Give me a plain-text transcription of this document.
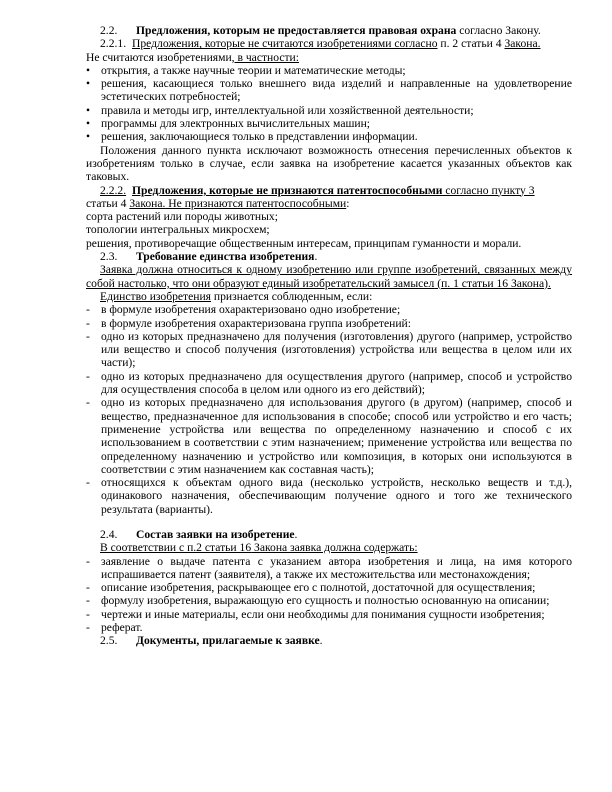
2.2. Предложения, которым не предоставляется правовая охрана согласно Закону.
2.2.1. Предложения, которые не считаются изобретениями согласно п. 2 статьи 4 Закона.
Не считаются изобретениями, в частности:
• открытия, а также научные теории и математические методы;
• решения, касающиеся только внешнего вида изделий и направленные на удовлетворение эстетических потребностей;
• правила и методы игр, интеллектуальной или хозяйственной деятельности;
• программы для электронных вычислительных машин;
• решения, заключающиеся только в представлении информации.
Положения данного пункта исключают возможность отнесения перечисленных объектов к изобретениям только в случае, если заявка на изобретение касается указанных объектов как таковых.
2.2.2. Предложения, которые не признаются патентоспособными согласно пункту 3
статьи 4 Закона. Не признаются патентоспособными:
сорта растений или породы животных;
топологии интегральных микросхем;
решения, противоречащие общественным интересам, принципам гуманности и морали.
2.3. Требование единства изобретения.
Заявка должна относиться к одному изобретению или группе изобретений, связанных между собой настолько, что они образуют единый изобретательский замысел (п. 1 статьи 16 Закона).
Единство изобретения признается соблюденным, если:
- в формуле изобретения охарактеризовано одно изобретение;
- в формуле изобретения охарактеризована группа изобретений:
- одно из которых предназначено для получения (изготовления) другого (например, устройство или вещество и способ получения (изготовления) устройства или вещества в целом или их части);
- одно из которых предназначено для осуществления другого (например, способ и устройство для осуществления способа в целом или одного из его действий);
- одно из которых предназначено для использования другого (в другом) (например, способ и вещество, предназначенное для использования в способе; способ или устройство и его часть; применение устройства или вещества по определенному назначению и способ с их использованием в соответствии с этим назначением; применение устройства или вещества по определенному назначению и устройство или композиция, в которых они используются в соответствии с этим назначением как составная часть);
- относящихся к объектам одного вида (несколько устройств, несколько веществ и т.д.), одинакового назначения, обеспечивающим получение одного и того же технического результата (варианты).
2.4. Состав заявки на изобретение.
В соответствии с п.2 статьи 16 Закона заявка должна содержать:
- заявление о выдаче патента с указанием автора изобретения и лица, на имя которого испрашивается патент (заявителя), а также их местожительства или местонахождения;
- описание изобретения, раскрывающее его с полнотой, достаточной для осуществления;
- формулу изобретения, выражающую его сущность и полностью основанную на описании;
- чертежи и иные материалы, если они необходимы для понимания сущности изобретения;
- реферат.
2.5. Документы, прилагаемые к заявке.
